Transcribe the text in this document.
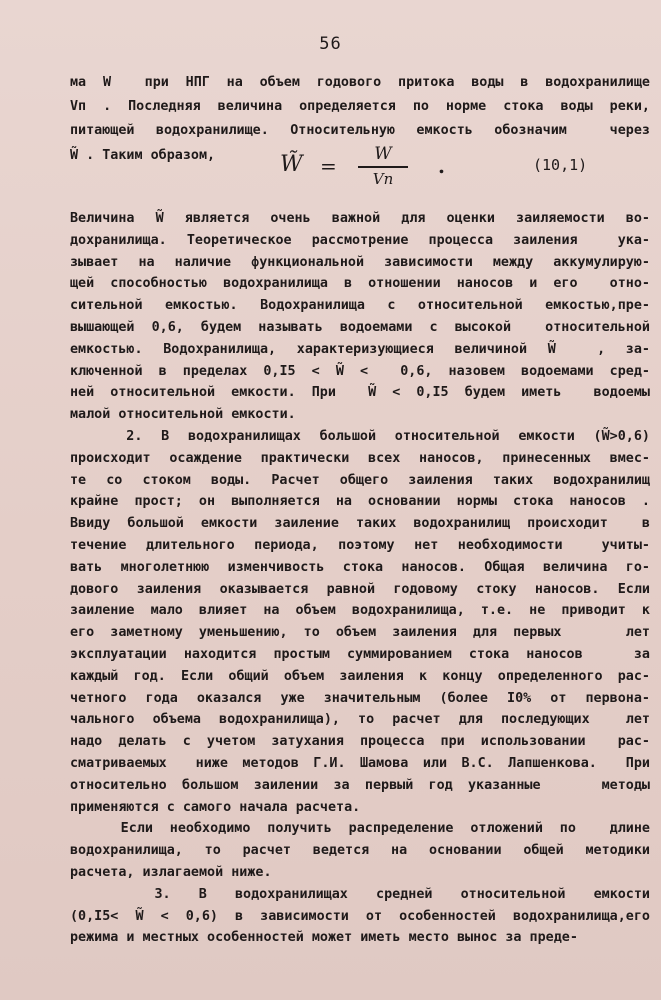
56
ма W  при НПГ на объем годового притока воды в водохранилище
Vп . Последняя величина определяется по норме стока воды реки,
питающей водохранилище. Относительную емкость обозначим  через
W̃ . Таким образом,
Величина W̃ является очень важной для оценки заиляемости во-
дохранилища. Теоретическое рассмотрение процесса заиления  ука-
зывает на наличие функциональной зависимости между аккумулирую-
щей способностью водохранилища в отношении наносов и его  отно-
сительной емкостью. Водохранилища с относительной емкостью,пре-
вышающей 0,6, будем называть водоемами с высокой  относительной
емкостью. Водохранилища, характеризующиеся величиной W̃  , за-
ключенной в пределах 0,I5 < W̃ <  0,6, назовем водоемами сред-
ней относительной емкости. При  W̃ < 0,I5 будем иметь  водоемы
малой относительной емкости.
2. В водохранилищах большой относительной емкости (W̃>0,6)
происходит осаждение практически всех наносов, принесенных вмес-
те со стоком воды. Расчет общего заиления таких водохранилищ
крайне прост; он выполняется на основании нормы стока наносов .
Ввиду большой емкости заиление таких водохранилищ происходит  в
течение длительного периода, поэтому нет необходимости  учиты-
вать многолетнюю изменчивость стока наносов. Общая величина го-
дового заиления оказывается равной годовому стоку наносов. Если
заиление мало влияет на объем водохранилища, т.е. не приводит к
его заметному уменьшению, то объем заиления для первых    лет
эксплуатации находится простым суммированием стока наносов   за
каждый год. Если общий объем заиления к концу определенного рас-
четного года оказался уже значительным (более I0% от первона-
чального объема водохранилища), то расчет для последующих  лет
надо делать с учетом затухания процесса при использовании  рас-
сматриваемых  ниже методов Г.И. Шамова или В.С. Лапшенкова.  При
относительно большом заилении за первый год указанные    методы
применяются с самого начала расчета.
Если необходимо получить распределение отложений по  длине
водохранилища, то расчет ведется на основании общей методики
расчета, излагаемой ниже.
3. В водохранилищах средней относительной емкости
(0,I5< W̃ < 0,6) в зависимости от особенностей водохранилища,его
режима и местных особенностей может иметь место вынос за преде-
W̃ =	W
Vп
.	(10,1)
